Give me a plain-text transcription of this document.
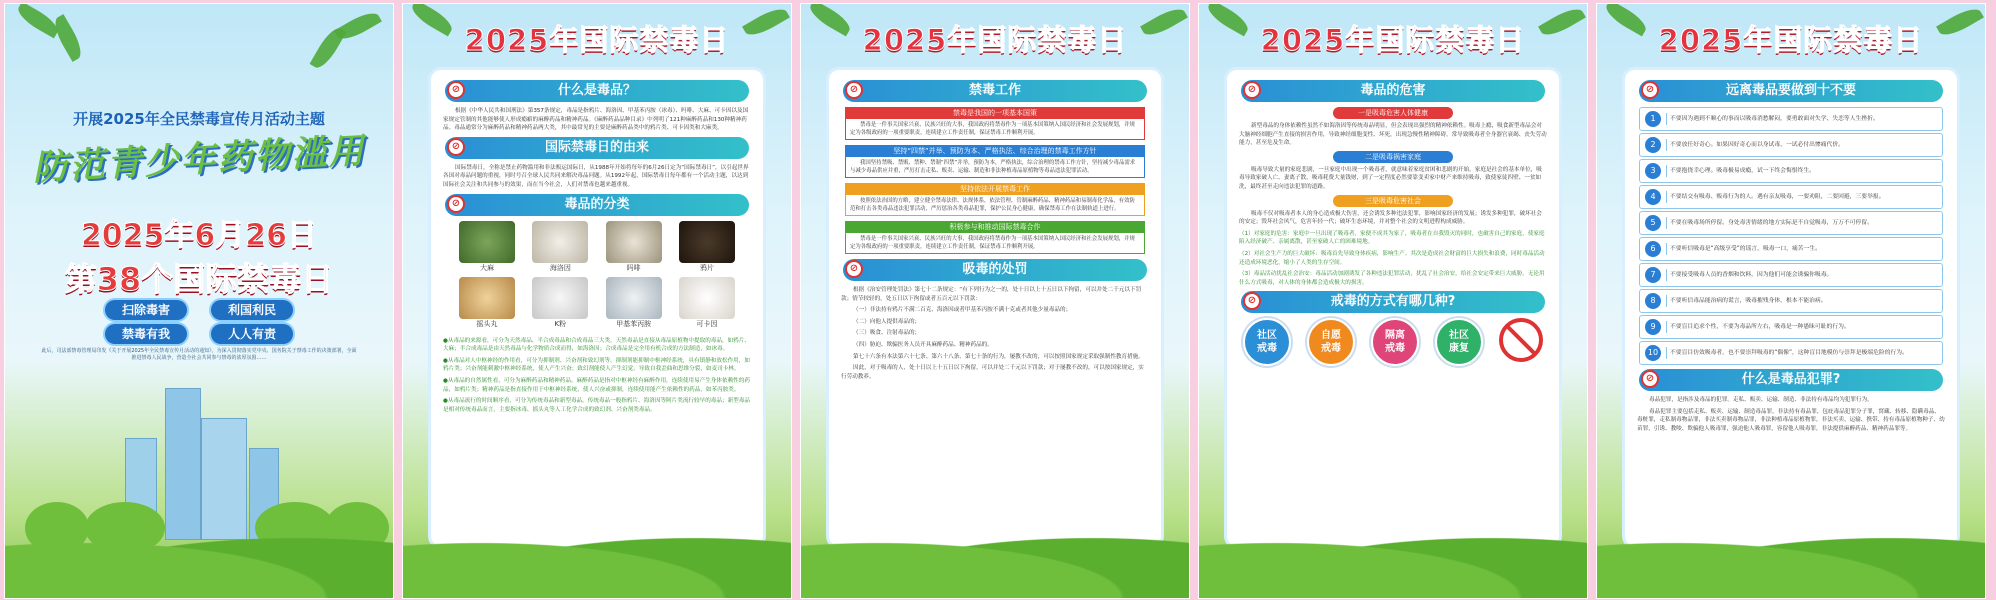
开展2025年全民禁毒宣传月活动主题
防范青少年药物滥用
2025年6月26日
第38个国际禁毒日
扫除毒害	利国利民
禁毒有我	人人有责
此后，司法部禁毒管理局印发《关于开展2025年全民禁毒宣传月活动的通知》，为深入贯彻落实党中央、国务院关于禁毒工作的决策部署，全面推进禁毒人民战争，营造全社会共同参与禁毒的浓厚氛围……
2025年国际禁毒日
⊘	什么是毒品？
根据《中华人民共和国刑法》第357条规定，毒品是指鸦片、海洛因、甲基苯丙胺（冰毒）、吗啡、大麻、可卡因以及国家规定管制的其他能够使人形成瘾癖的麻醉药品和精神药品。《麻醉药品品种目录》中列明了121种麻醉药品和130种精神药品。毒品通常分为麻醉药品和精神药品两大类，其中最常见的主要是麻醉药品类中的鸦片类、可卡因类和大麻类。
⊘	国际禁毒日的由来
国际禁毒日，全称是禁止药物滥用和非法贩运国际日，从1988年开始将每年的6月26日定为“国际禁毒日”，以引起世界各国对毒品问题的重视，同时号召全球人民共同来解决毒品问题。从1992年起，国际禁毒日每年都有一个活动主题，以达到国际社会关注和共同参与的效果，而在当今社会，人们对禁毒也越来越重视。
⊘	毒品的分类
大麻	海洛因	吗啡	鸦片
摇头丸	K粉	甲基苯丙胺	可卡因
●从毒品的来源看，可分为天然毒品、半合成毒品和合成毒品三大类。天然毒品是直接从毒品原植物中提取的毒品，如鸦片、大麻；半合成毒品是由天然毒品与化学物质合成而得，如海洛因；合成毒品是完全用有机合成的方法制造，如冰毒。
●从毒品对人中枢神经的作用看，可分为抑制剂、兴奋剂和致幻剂等。抑制剂能抑制中枢神经系统，具有镇静和放松作用，如鸦片类；兴奋剂能刺激中枢神经系统，使人产生兴奋；致幻剂能使人产生幻觉，导致自我歪曲和思维分裂，如麦司卡林。
●从毒品的自然属性看，可分为麻醉药品和精神药品。麻醉药品是指对中枢神经有麻醉作用，连续使用易产生身体依赖性的药品，如鸦片类；精神药品是指直接作用于中枢神经系统，使人兴奋或抑制，连续使用能产生依赖性的药品，如苯丙胺类。
●从毒品流行的时间顺序看，可分为传统毒品和新型毒品。传统毒品一般指鸦片、海洛因等阿片类流行较早的毒品；新型毒品是相对传统毒品而言，主要指冰毒、摇头丸等人工化学合成的致幻剂、兴奋剂类毒品。
2025年国际禁毒日
⊘	禁毒工作
禁毒是我国的一项基本国策
禁毒是一件事关国家兴衰、民族兴旺的大事，我国政府将禁毒作为一项基本国策纳入国民经济和社会发展规划，并规定为各级政府的一项重要职责，连续建立工作责任制，保证禁毒工作顺利开展。
坚持“四禁”并举、预防为本、严格执法、综合治理的禁毒工作方针
我国坚持禁吸、禁贩、禁种、禁制“四禁”并举，预防为本，严格执法，综合治理的禁毒工作方针，坚持减少毒品需求与减少毒品供应并重，严厉打击走私、贩卖、运输、制造和非法种植毒品原植物等毒品违法犯罪活动。
坚持依法开展禁毒工作
按照依法治国的方略，建立健全禁毒法律、法规体系，依法管理，管制麻醉药品、精神药品和易制毒化学品，有效防范和打击各类毒品违法犯罪活动，严厉惩治各类毒品犯罪，保护公民身心健康，确保禁毒工作在法制轨道上进行。
积极参与和推动国际禁毒合作
禁毒是一件事关国家兴衰、民族兴旺的大事，我国政府将禁毒作为一项基本国策纳入国民经济和社会发展规划，并规定为各级政府的一项重要职责，连续建立工作责任制，保证禁毒工作顺利开展。
⊘	吸毒的处罚
根据《治安管理处罚法》第七十二条规定：“有下列行为之一的，处十日以上十五日以下拘留，可以并处二千元以下罚款；情节较轻的，处五日以下拘留或者五百元以下罚款：
（一）非法持有鸦片不满二百克、海洛因或者甲基苯丙胺不满十克或者其他少量毒品的；
（二）向他人提供毒品的；
（三）吸食、注射毒品的；
（四）胁迫、欺骗医务人员开具麻醉药品、精神药品的。
第七十六条有本法第六十七条、第六十八条、第七十条的行为，屡教不改的，可以按照国家规定采取强制性教育措施。
因此，对于吸毒的人，处十日以上十五日以下拘留，可以并处二千元以下罚款；对于屡教不改的，可以按国家规定，实行劳动教养。
2025年国际禁毒日
⊘	毒品的危害
一是吸毒危害人体健康
新型毒品的身体依赖性虽然不如海洛因等传统毒品明显，但会表现出强烈的精神依赖性。吸毒上瘾，吸食新型毒品会对大脑神经细胞产生直接的损害作用，导致神经细胞变性、坏死，出现急慢性精神障碍。常导致吸毒者全身器官衰竭、丧失劳动能力，甚至危及生命。
二是吸毒祸害家庭
吸毒导致大量的家庭悲剧，一旦家庭中出现一个吸毒者，就意味着家庭贫困和悲剧的开始。家庭是社会的基本单位，吸毒导致家破人亡、妻离子散，吸毒耗费大量钱财，到了一定程度必然要靠变卖家中财产来维持吸毒，致使家徒四壁、一贫如洗，最终甚至走向违法犯罪的道路。
三是吸毒危害社会
吸毒不仅对吸毒者本人的身心造成极大伤害，还会诱发多种违法犯罪，影响国家经济的发展；诱发多种犯罪，破坏社会的安定；毁坏社会风气，危害年轻一代；破坏生态环境，并对整个社会的文明进程构成威胁。
（1）对家庭的危害：家庭中一旦出现了吸毒者，家便不成其为家了，吸毒者在自我毁灭的同时，也破害自己的家庭，使家庭陷入经济破产、亲属离散，甚至家破人亡的困难境地。
（2）对社会生产力的巨大破坏：吸毒首先导致身体疾病，影响生产。其次是造成社会财富的巨大损失和浪费，同时毒品活动还造成环境恶化，缩小了人类的生存空间。
（3）毒品活动扰乱社会治安：毒品活动加剧诱发了各种违法犯罪活动，扰乱了社会治安，给社会安定带来巨大威胁。无论用什么方式吸毒，对人体的身体都会造成极大的损害。
⊘	戒毒的方式有哪几种?
社区
戒毒
自愿
戒毒
隔离
戒毒
社区
康复
2025年国际禁毒日
⊘	远离毒品要做到十不要
1	不要因为遇到不顺心的事而以吸毒消愁解闷，要勇敢面对失学、失恋等人生挫折。
2	不要放任好奇心。如果因好奇心而以身试毒，一试必付出惨痛代价。
3	不要抱侥幸心理。吸毒极易成瘾，试一下终会悔恨终生。
4	不要结交有吸毒、贩毒行为的人。遇有亲友吸毒，一要劝阻，二要回避，三要举报。
5	不要在吸毒场所停留。身处毒害情绪的地方实际是不自觉吸毒，万万不可停留。
6	不要听信吸毒是“高级享受”的谣言，吸毒一口，痛苦一生。
7	不要接受吸毒人员的香烟和饮料，因为他们可能会诱骗你吸毒。
8	不要听信毒品能治病的谎言，吸毒摧残身体，根本不能治病。
9	不要盲目追求个性，不要为毒品所左右，吸毒是一种愚昧可耻的行为。
10	不要盲目仿效吸毒者，也不要崇拜吸毒的“偶像”，这种盲目地模仿与崇拜是极端危险的行为。
⊘	什么是毒品犯罪?
毒品犯罪，是指涉及毒品的犯罪。走私、贩卖、运输、制造、非法持有毒品均为犯罪行为。
毒品犯罪主要包括走私、贩卖、运输、制造毒品罪，非法持有毒品罪，包庇毒品犯罪分子罪，窝藏、转移、隐瞒毒品、毒赃罪，走私制毒物品罪，非法买卖制毒物品罪，非法种植毒品原植物罪，非法买卖、运输、携带、持有毒品原植物种子、幼苗罪，引诱、教唆、欺骗他人吸毒罪，强迫他人吸毒罪，容留他人吸毒罪，非法提供麻醉药品、精神药品罪等。
